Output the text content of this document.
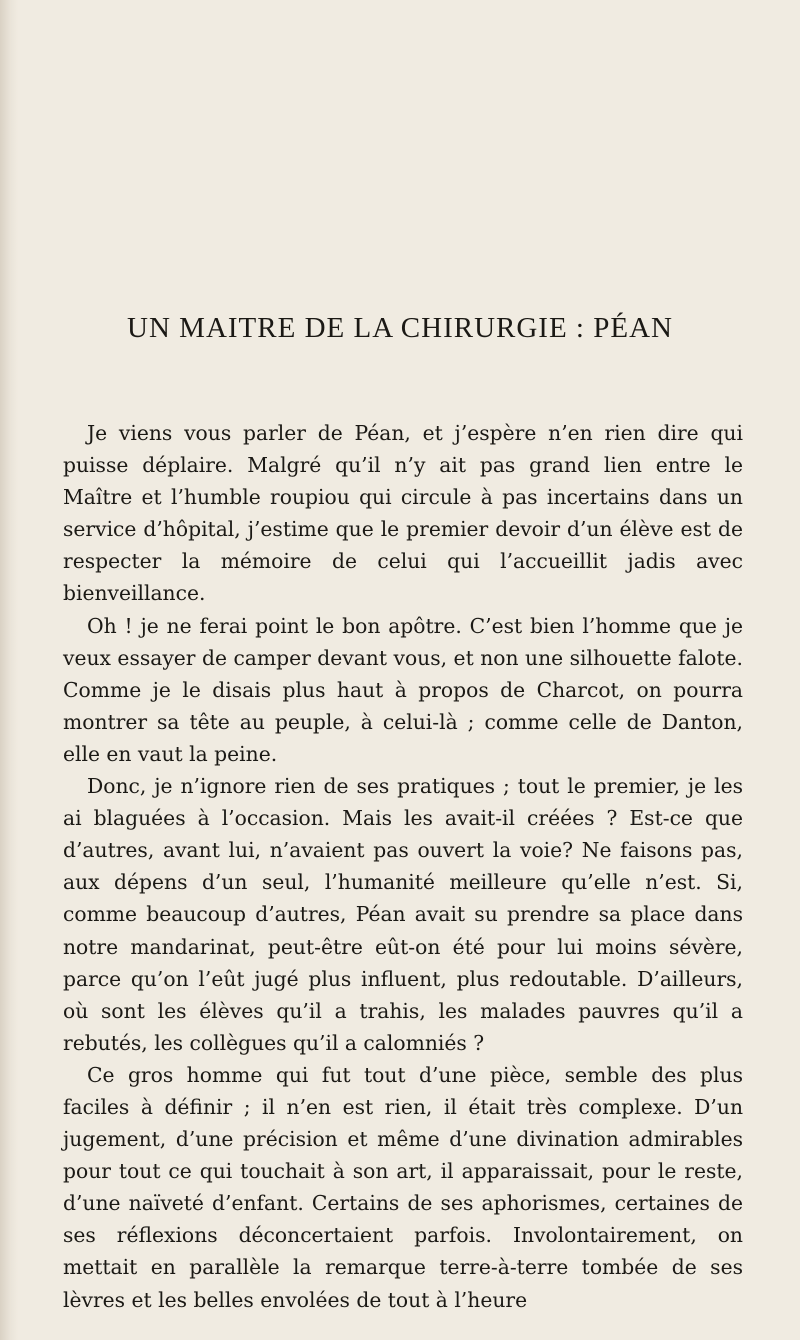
UN MAITRE DE LA CHIRURGIE : PÉAN

Je viens vous parler de Péan, et j’espère n’en rien dire qui puisse déplaire. Malgré qu’il n’y ait pas grand lien entre le Maître et l’humble roupiou qui circule à pas incertains dans un service d’hôpital, j’estime que le premier devoir d’un élève est de respecter la mémoire de celui qui l’accueillit jadis avec bienveillance.

Oh ! je ne ferai point le bon apôtre. C’est bien l’homme que je veux essayer de camper devant vous, et non une silhouette falote. Comme je le disais plus haut à propos de Charcot, on pourra montrer sa tête au peuple, à celui-là ; comme celle de Danton, elle en vaut la peine.

Donc, je n’ignore rien de ses pratiques ; tout le premier, je les ai blaguées à l’occasion. Mais les avait-il créées ? Est-ce que d’autres, avant lui, n’avaient pas ouvert la voie? Ne faisons pas, aux dépens d’un seul, l’humanité meilleure qu’elle n’est. Si, comme beaucoup d’autres, Péan avait su prendre sa place dans notre mandarinat, peut-être eût-on été pour lui moins sévère, parce qu’on l’eût jugé plus influent, plus redoutable. D’ailleurs, où sont les élèves qu’il a trahis, les malades pauvres qu’il a rebutés, les collègues qu’il a calomniés ?

Ce gros homme qui fut tout d’une pièce, semble des plus faciles à définir ; il n’en est rien, il était très complexe. D’un jugement, d’une précision et même d’une divination admirables pour tout ce qui touchait à son art, il apparaissait, pour le reste, d’une naïveté d’enfant. Certains de ses aphorismes, certaines de ses réflexions déconcertaient parfois. Involontairement, on mettait en parallèle la remarque terre-à-terre tombée de ses lèvres et les belles envolées de tout à l’heure
